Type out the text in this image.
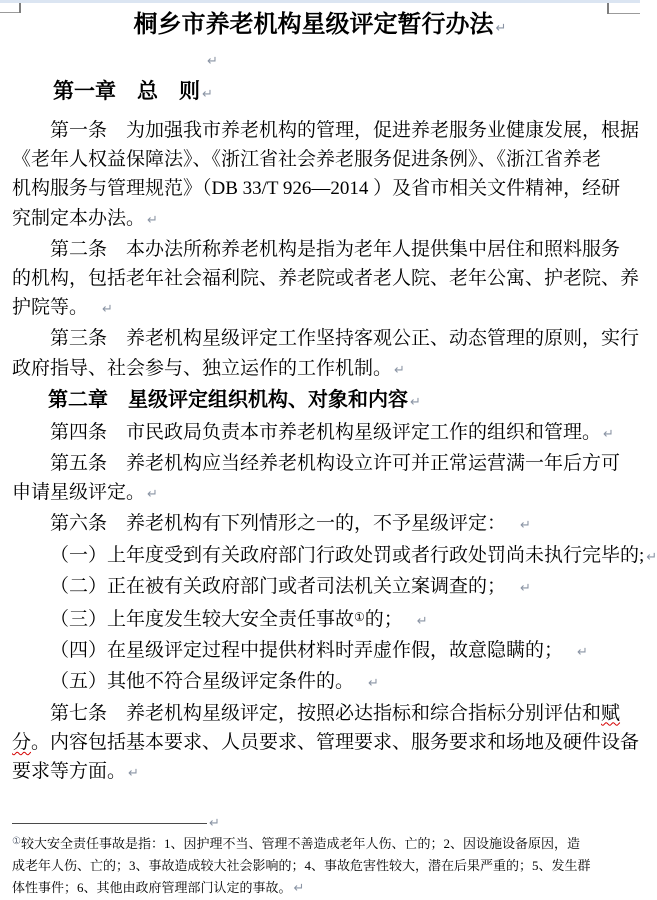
桐乡市养老机构星级评定暂行办法 ↵
↵
第一章　总　则 ↵
第一条　为加强我市养老机构的管理，促进养老服务业健康发展，根据
《老年人权益保障法》、《浙江省社会养老服务促进条例》、《浙江省养老
机构服务与管理规范》（DB 33/T 926—2014 ）及省市相关文件精神，经研
究制定本办法。 ↵
第二条　本办法所称养老机构是指为老年人提供集中居住和照料服务
的机构，包括老年社会福利院、养老院或者老人院、老年公寓、护老院、养
护院等。 ↵
第三条　养老机构星级评定工作坚持客观公正、动态管理的原则，实行
政府指导、社会参与、独立运作的工作机制。 ↵
第二章　星级评定组织机构、对象和内容 ↵
第四条　市民政局负责本市养老机构星级评定工作的组织和管理。 ↵
第五条　养老机构应当经养老机构设立许可并正常运营满一年后方可
申请星级评定。 ↵
第六条　养老机构有下列情形之一的，不予星级评定： ↵
（一）上年度受到有关政府部门行政处罚或者行政处罚尚未执行完毕的; ↵
（二）正在被有关政府部门或者司法机关立案调查的； ↵
（三）上年度发生较大安全责任事故①的； ↵
（四）在星级评定过程中提供材料时弄虚作假，故意隐瞒的； ↵
（五）其他不符合星级评定条件的。 ↵
第七条　养老机构星级评定，按照必达指标和综合指标分别评估和赋
分。内容包括基本要求、人员要求、管理要求、服务要求和场地及硬件设备
要求等方面。 ↵
↵
①较大安全责任事故是指：1、因护理不当、管理不善造成老年人伤、亡的；2、因设施设备原因，造
成老年人伤、亡的；3、事故造成较大社会影响的；4、事故危害性较大，潜在后果严重的；5、发生群
体性事件；6、其他由政府管理部门认定的事故。 ↵
